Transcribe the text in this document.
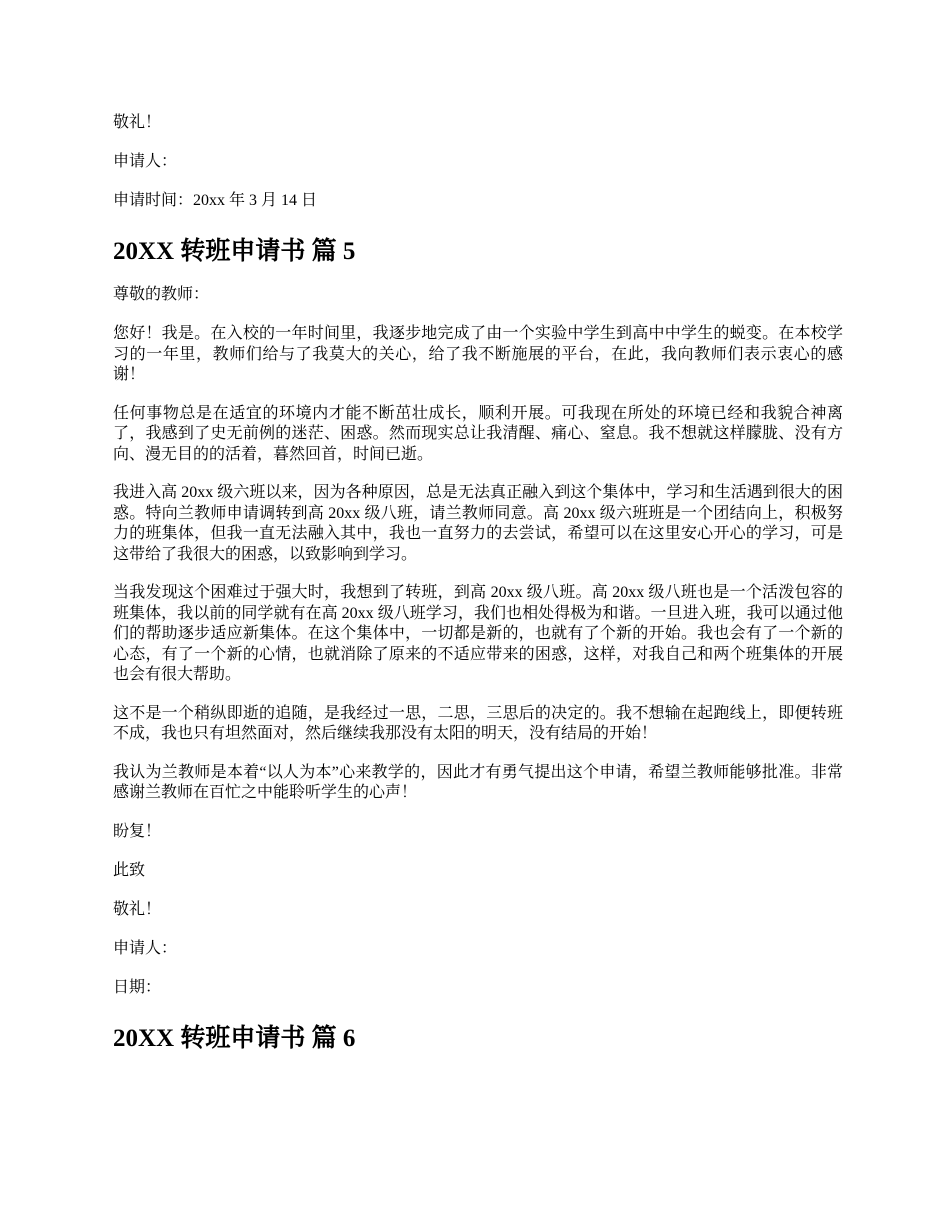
敬礼！

申请人：

申请时间：20xx 年 3 月 14 日

20XX 转班申请书 篇 5

尊敬的教师：

您好！我是。在入校的一年时间里，我逐步地完成了由一个实验中学生到高中中学生的蜕变。在本校学习的一年里，教师们给与了我莫大的关心，给了我不断施展的平台，在此，我向教师们表示衷心的感谢！

任何事物总是在适宜的环境内才能不断茁壮成长，顺利开展。可我现在所处的环境已经和我貌合神离了，我感到了史无前例的迷茫、困惑。然而现实总让我清醒、痛心、窒息。我不想就这样朦胧、没有方向、漫无目的的活着，暮然回首，时间已逝。

我进入高 20xx 级六班以来，因为各种原因，总是无法真正融入到这个集体中，学习和生活遇到很大的困惑。特向兰教师申请调转到高 20xx 级八班，请兰教师同意。高 20xx 级六班班是一个团结向上，积极努力的班集体，但我一直无法融入其中，我也一直努力的去尝试，希望可以在这里安心开心的学习，可是这带给了我很大的困惑，以致影响到学习。

当我发现这个困难过于强大时，我想到了转班，到高 20xx 级八班。高 20xx 级八班也是一个活泼包容的班集体，我以前的同学就有在高 20xx 级八班学习，我们也相处得极为和谐。一旦进入班，我可以通过他们的帮助逐步适应新集体。在这个集体中，一切都是新的，也就有了个新的开始。我也会有了一个新的心态，有了一个新的心情，也就消除了原来的不适应带来的困惑，这样，对我自己和两个班集体的开展也会有很大帮助。

这不是一个稍纵即逝的追随，是我经过一思，二思，三思后的决定的。我不想输在起跑线上，即便转班不成，我也只有坦然面对，然后继续我那没有太阳的明天，没有结局的开始！

我认为兰教师是本着“以人为本”心来教学的，因此才有勇气提出这个申请，希望兰教师能够批准。非常感谢兰教师在百忙之中能聆听学生的心声！

盼复！

此致

敬礼！

申请人：

日期：

20XX 转班申请书 篇 6
